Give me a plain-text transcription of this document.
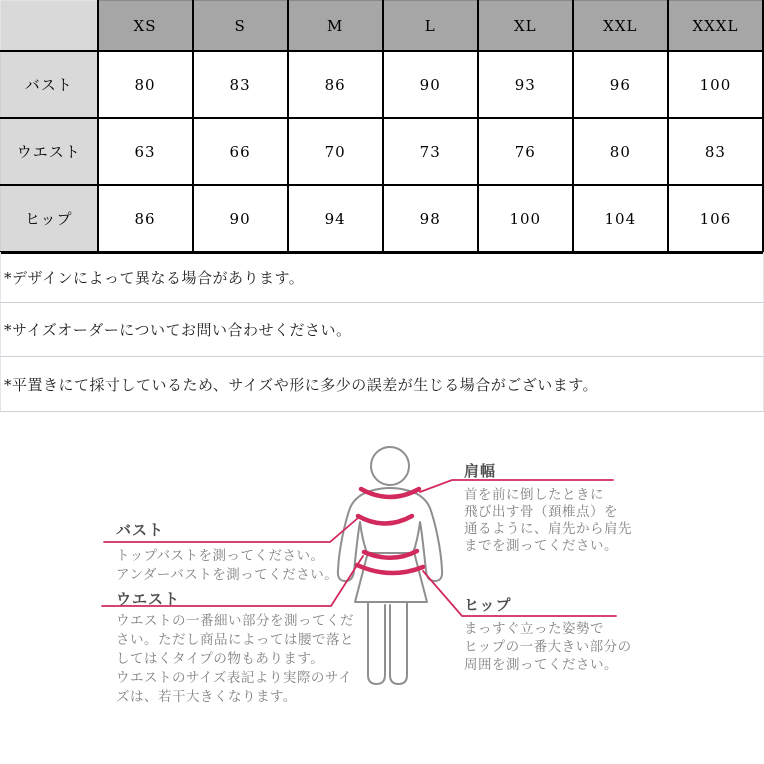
	XS	S	M	L	XL	XXL	XXXL
バスト	80	83	86	90	93	96	100
ウエスト	63	66	70	73	76	80	83
ヒップ	86	90	94	98	100	104	106
*デザインによって異なる場合があります。
*サイズオーダーについてお問い合わせください。
*平置きにて採寸しているため、サイズや形に多少の誤差が生じる場合がございます。
肩幅
首を前に倒したときに
飛び出す骨（頚椎点）を
通るように、肩先から肩先
までを測ってください。
バスト
トップバストを測ってください。
アンダーバストを測ってください。
ウエスト
ウエストの一番細い部分を測ってくだ
さい。ただし商品によっては腰で落と
してはくタイプの物もあります。
ウエストのサイズ表記より実際のサイ
ズは、若干大きくなります。
ヒップ
まっすぐ立った姿勢で
ヒップの一番大きい部分の
周囲を測ってください。
